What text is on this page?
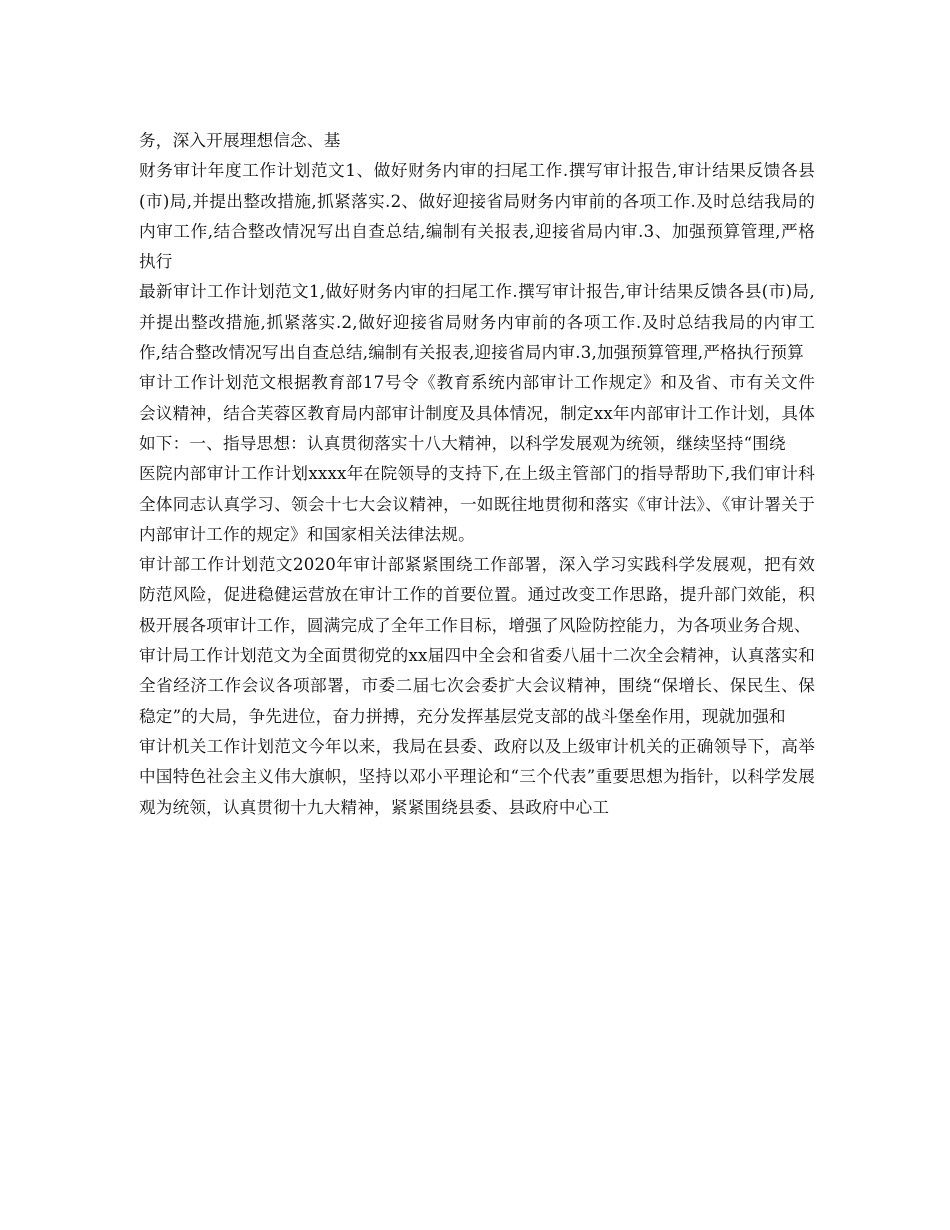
务，深入开展理想信念、基

财务审计年度工作计划范文1、做好财务内审的扫尾工作.撰写审计报告,审计结果反馈各县(市)局,并提出整改措施,抓紧落实.2、做好迎接省局财务内审前的各项工作.及时总结我局的内审工作,结合整改情况写出自查总结,编制有关报表,迎接省局内审.3、加强预算管理,严格执行

最新审计工作计划范文1,做好财务内审的扫尾工作.撰写审计报告,审计结果反馈各县(市)局,并提出整改措施,抓紧落实.2,做好迎接省局财务内审前的各项工作.及时总结我局的内审工作,结合整改情况写出自查总结,编制有关报表,迎接省局内审.3,加强预算管理,严格执行预算

审计工作计划范文根据教育部17号令《教育系统内部审计工作规定》和及省、市有关文件会议精神，结合芙蓉区教育局内部审计制度及具体情况，制定xx年内部审计工作计划，具体如下：一、指导思想：认真贯彻落实十八大精神，以科学发展观为统领，继续坚持“围绕

医院内部审计工作计划xxxx年在院领导的支持下,在上级主管部门的指导帮助下,我们审计科全体同志认真学习、领会十七大会议精神，一如既往地贯彻和落实《审计法》、《审计署关于内部审计工作的规定》和国家相关法律法规。

审计部工作计划范文2020年审计部紧紧围绕工作部署，深入学习实践科学发展观，把有效防范风险，促进稳健运营放在审计工作的首要位置。通过改变工作思路，提升部门效能，积极开展各项审计工作，圆满完成了全年工作目标，增强了风险防控能力，为各项业务合规、

审计局工作计划范文为全面贯彻党的xx届四中全会和省委八届十二次全会精神，认真落实和全省经济工作会议各项部署，市委二届七次会委扩大会议精神，围绕“保增长、保民生、保稳定”的大局，争先进位，奋力拼搏，充分发挥基层党支部的战斗堡垒作用，现就加强和

审计机关工作计划范文今年以来，我局在县委、政府以及上级审计机关的正确领导下，高举中国特色社会主义伟大旗帜，坚持以邓小平理论和“三个代表”重要思想为指针，以科学发展观为统领，认真贯彻十九大精神，紧紧围绕县委、县政府中心工
